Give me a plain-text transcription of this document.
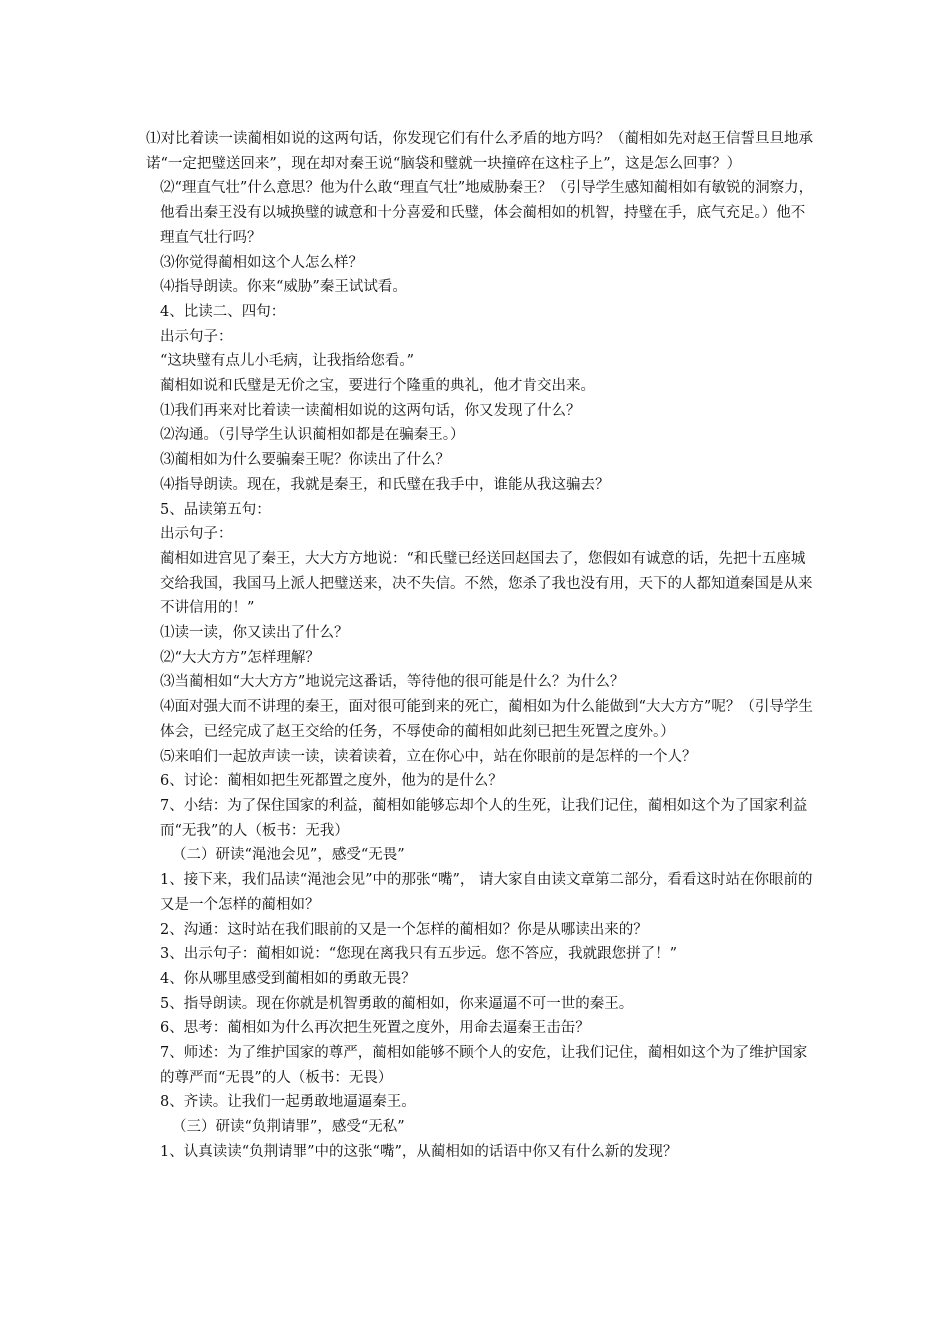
⑴对比着读一读蔺相如说的这两句话，你发现它们有什么矛盾的地方吗？（蔺相如先对赵王信誓旦旦地承诺“一定把璧送回来”，现在却对秦王说“脑袋和璧就一块撞碎在这柱子上”，这是怎么回事？）

⑵“理直气壮”什么意思？他为什么敢“理直气壮”地威胁秦王？（引导学生感知蔺相如有敏锐的洞察力，他看出秦王没有以城换璧的诚意和十分喜爱和氏璧，体会蔺相如的机智，持璧在手，底气充足。）他不理直气壮行吗？

⑶你觉得蔺相如这个人怎么样？

⑷指导朗读。你来“威胁”秦王试试看。

4、比读二、四句：

出示句子：

“这块璧有点儿小毛病，让我指给您看。”

蔺相如说和氏璧是无价之宝，要进行个隆重的典礼，他才肯交出来。

⑴我们再来对比着读一读蔺相如说的这两句话，你又发现了什么？

⑵沟通。（引导学生认识蔺相如都是在骗秦王。）

⑶蔺相如为什么要骗秦王呢？你读出了什么？

⑷指导朗读。现在，我就是秦王，和氏璧在我手中，谁能从我这骗去？

5、品读第五句：

出示句子：

蔺相如进宫见了秦王，大大方方地说：“和氏璧已经送回赵国去了，您假如有诚意的话，先把十五座城交给我国，我国马上派人把璧送来，决不失信。不然，您杀了我也没有用，天下的人都知道秦国是从来不讲信用的！”

⑴读一读，你又读出了什么？

⑵“大大方方”怎样理解？

⑶当蔺相如“大大方方”地说完这番话，等待他的很可能是什么？为什么？

⑷面对强大而不讲理的秦王，面对很可能到来的死亡，蔺相如为什么能做到“大大方方”呢？（引导学生体会，已经完成了赵王交给的任务，不辱使命的蔺相如此刻已把生死置之度外。）

⑸来咱们一起放声读一读，读着读着，立在你心中，站在你眼前的是怎样的一个人？

6、讨论：蔺相如把生死都置之度外，他为的是什么？

7、小结：为了保住国家的利益，蔺相如能够忘却个人的生死，让我们记住，蔺相如这个为了国家利益而“无我”的人（板书：无我）

（二）研读“渑池会见”，感受“无畏”

1、接下来，我们品读“渑池会见”中的那张“嘴”， 请大家自由读文章第二部分，看看这时站在你眼前的又是一个怎样的蔺相如？

2、沟通：这时站在我们眼前的又是一个怎样的蔺相如？你是从哪读出来的？

3、出示句子：蔺相如说：“您现在离我只有五步远。您不答应，我就跟您拼了！”

4、你从哪里感受到蔺相如的勇敢无畏？

5、指导朗读。现在你就是机智勇敢的蔺相如，你来逼逼不可一世的秦王。

6、思考：蔺相如为什么再次把生死置之度外，用命去逼秦王击缶？

7、师述：为了维护国家的尊严，蔺相如能够不顾个人的安危，让我们记住，蔺相如这个为了维护国家的尊严而“无畏”的人（板书：无畏）

8、齐读。让我们一起勇敢地逼逼秦王。

（三）研读“负荆请罪”，感受“无私”

1、认真读读“负荆请罪”中的这张“嘴”，从蔺相如的话语中你又有什么新的发现？
